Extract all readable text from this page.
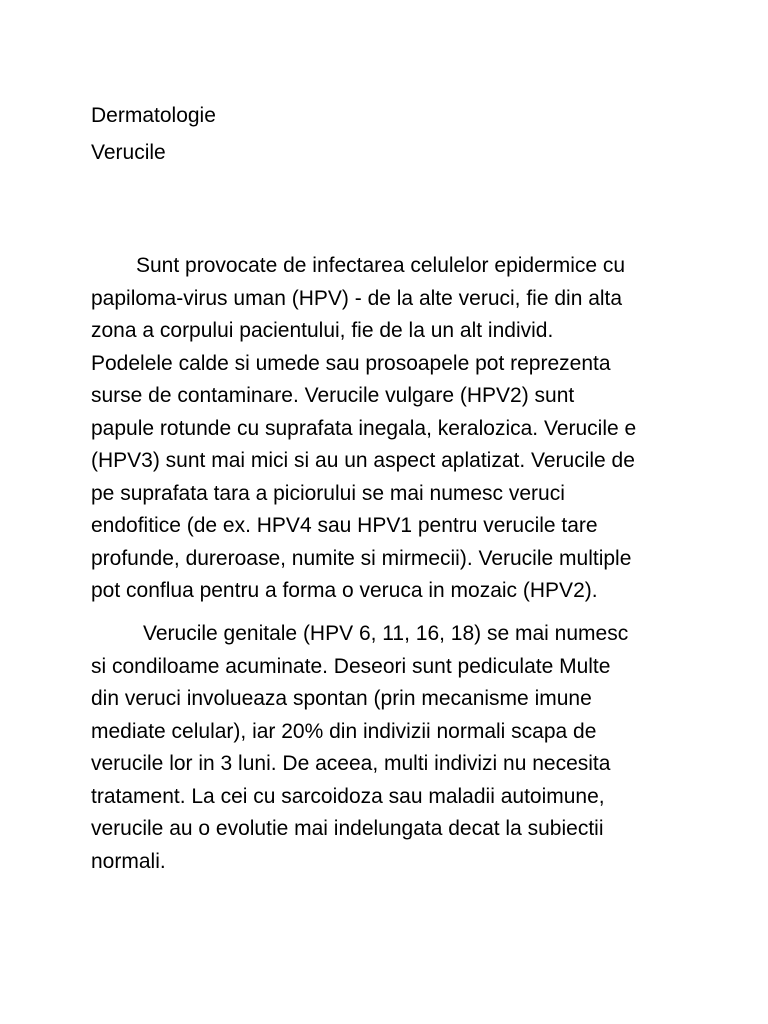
Dermatologie
Verucile
Sunt provocate de infectarea celulelor epidermice cu
papiloma-virus uman (HPV) - de la alte veruci, fie din alta
zona a corpului pacientului, fie de la un alt individ.
Podelele calde si umede sau prosoapele pot reprezenta
surse de contaminare. Verucile vulgare (HPV2) sunt
papule rotunde cu suprafata inegala, keralozica. Verucile e
(HPV3) sunt mai mici si au un aspect aplatizat. Verucile de
pe suprafata tara a piciorului se mai numesc veruci
endofitice (de ex. HPV4 sau HPV1 pentru verucile tare
profunde, dureroase, numite si mirmecii). Verucile multiple
pot conflua pentru a forma o veruca in mozaic (HPV2).
Verucile genitale (HPV 6, 11, 16, 18) se mai numesc
si condiloame acuminate. Deseori sunt pediculate Multe
din veruci involueaza spontan (prin mecanisme imune
mediate celular), iar 20% din indivizii normali scapa de
verucile lor in 3 luni. De aceea, multi indivizi nu necesita
tratament. La cei cu sarcoidoza sau maladii autoimune,
verucile au o evolutie mai indelungata decat la subiectii
normali.
